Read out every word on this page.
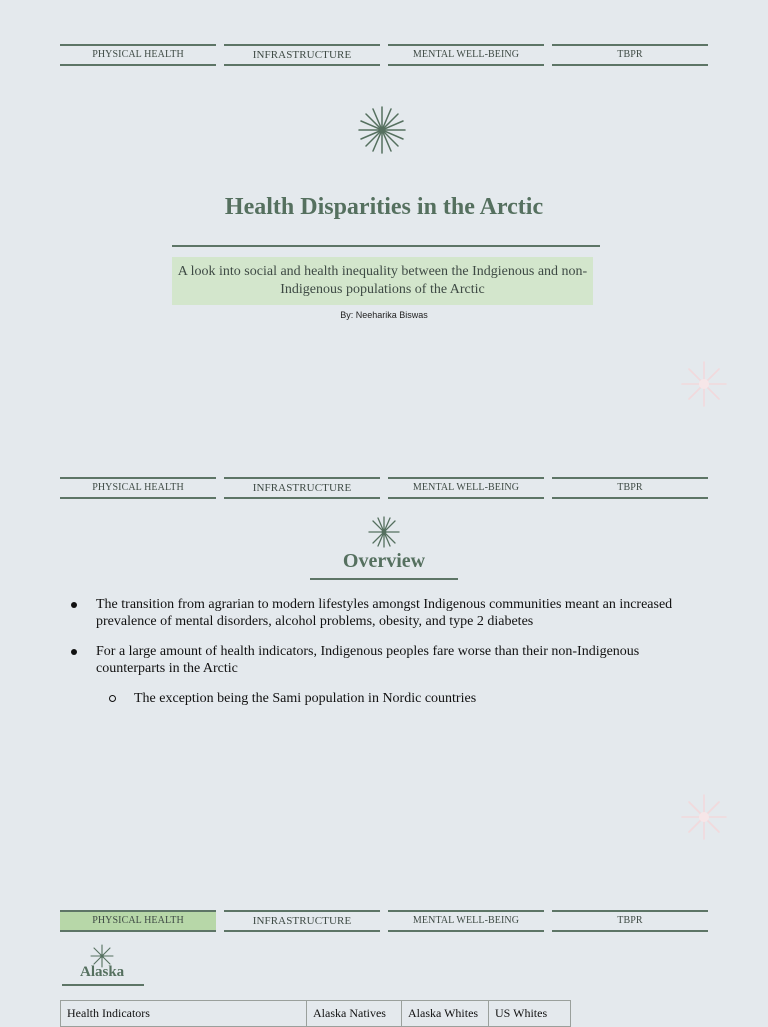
PHYSICAL HEALTH	INFRASTRUCTURE	MENTAL WELL-BEING	TBPR
Health Disparities in the Arctic
A look into social and health inequality between the Indgienous and non-Indigenous populations of the Arctic
By: Neeharika Biswas
PHYSICAL HEALTH	INFRASTRUCTURE	MENTAL WELL-BEING	TBPR
Overview
The transition from agrarian to modern lifestyles amongst Indigenous communities meant an increased prevalence of mental disorders, alcohol problems, obesity, and type 2 diabetes
For a large amount of health indicators, Indigenous peoples fare worse than their non-Indigenous counterparts in the Arctic
The exception being the Sami population in Nordic countries
PHYSICAL HEALTH	INFRASTRUCTURE	MENTAL WELL-BEING	TBPR
Alaska
Health Indicators	Alaska Natives	Alaska Whites	US Whites
